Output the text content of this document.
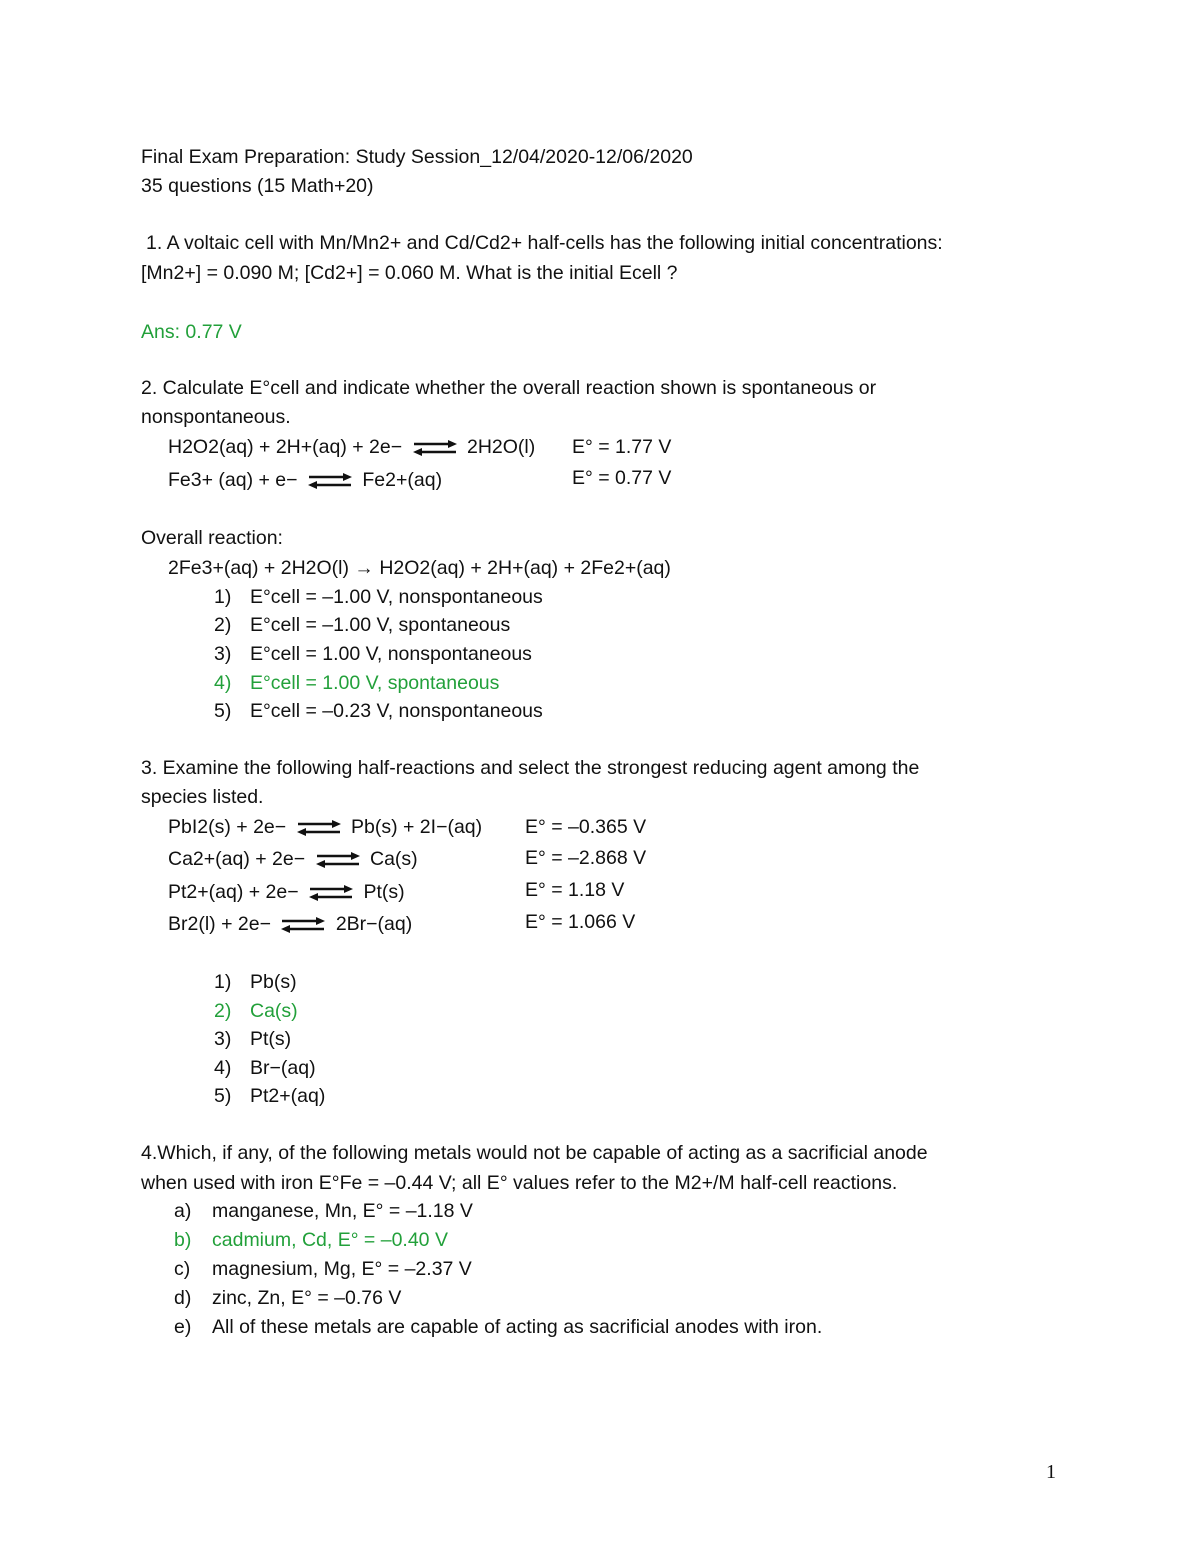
Final Exam Preparation: Study Session_12/04/2020-12/06/2020
35 questions (15 Math+20)
1. A voltaic cell with Mn/Mn2+ and Cd/Cd2+ half-cells has the following initial concentrations:
[Mn2+] = 0.090 M; [Cd2+] = 0.060 M. What is the initial Ecell ?
Ans: 0.77 V
2. Calculate E°cell and indicate whether the overall reaction shown is spontaneous or
nonspontaneous.
H2O2(aq) + 2H+(aq) + 2e−	2H2O(l) E° = 1.77 V
Fe3+ (aq) + e−	Fe2+(aq)	E° = 0.77 V
Overall reaction:
2Fe3+(aq) + 2H2O(l) → H2O2(aq) + 2H+(aq) + 2Fe2+(aq)
1) E°cell = –1.00 V, nonspontaneous
2) E°cell = –1.00 V, spontaneous
3) E°cell = 1.00 V, nonspontaneous
4) E°cell = 1.00 V, spontaneous
5) E°cell = –0.23 V, nonspontaneous
3. Examine the following half-reactions and select the strongest reducing agent among the
species listed.
PbI2(s) + 2e−	Pb(s) + 2I−(aq) E° = –0.365 V
Ca2+(aq) + 2e−	Ca(s)	E° = –2.868 V
Pt2+(aq) + 2e−	Pt(s)	E° = 1.18 V
Br2(l) + 2e−	2Br−(aq)	E° = 1.066 V
1) Pb(s)
2) Ca(s)
3) Pt(s)
4) Br−(aq)
5) Pt2+(aq)
4.Which, if any, of the following metals would not be capable of acting as a sacrificial anode
when used with iron E°Fe = –0.44 V; all E° values refer to the M2+/M half-cell reactions.
a) manganese, Mn, E° = –1.18 V
b) cadmium, Cd, E° = –0.40 V
c) magnesium, Mg, E° = –2.37 V
d) zinc, Zn, E° = –0.76 V
e) All of these metals are capable of acting as sacrificial anodes with iron.
1
